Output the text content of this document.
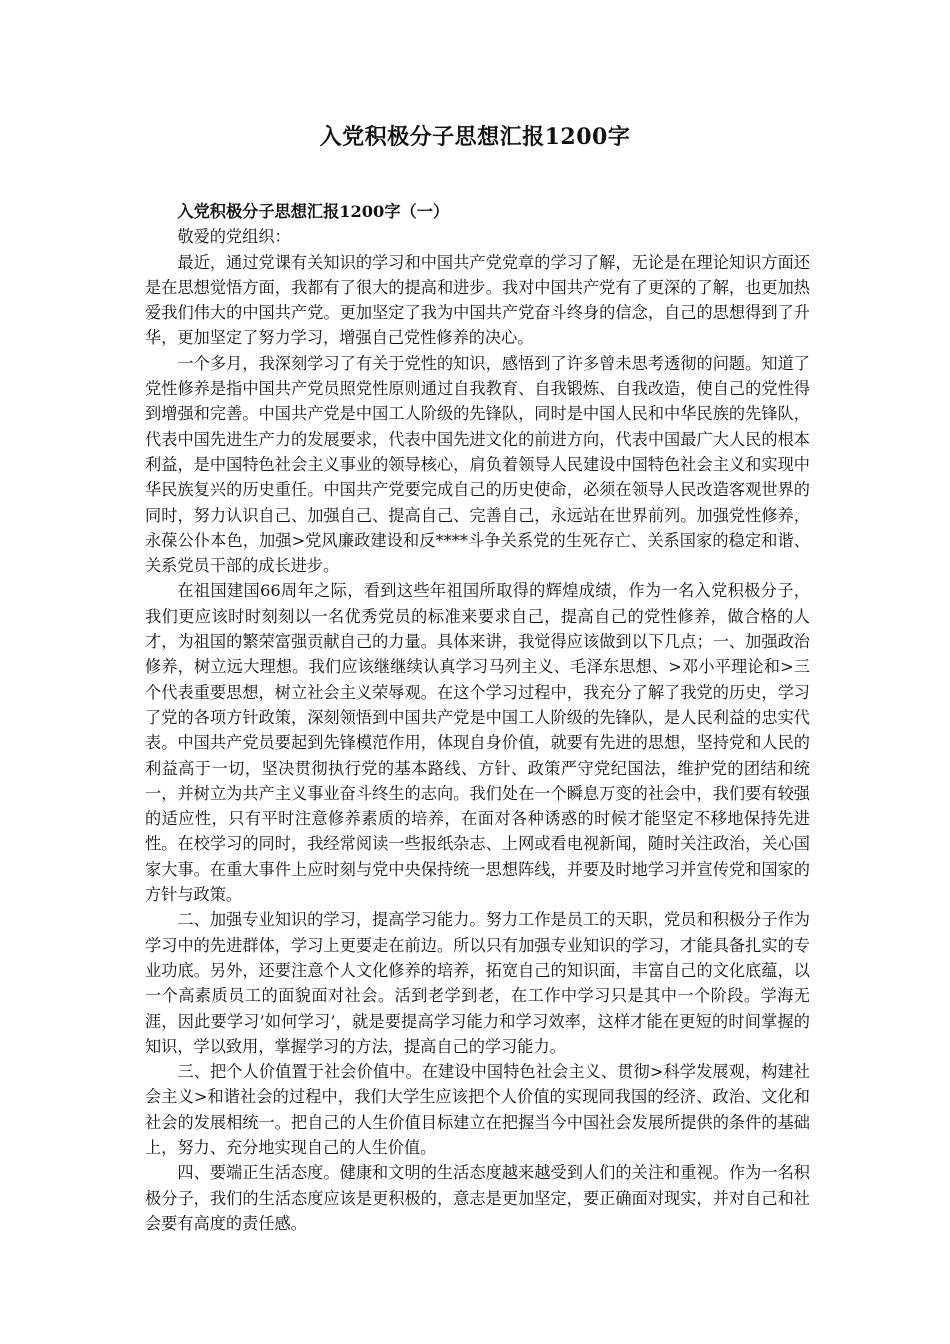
入党积极分子思想汇报1200字

入党积极分子思想汇报1200字（一）

敬爱的党组织：

最近，通过党课有关知识的学习和中国共产党党章的学习了解，无论是在理论知识方面还是在思想觉悟方面，我都有了很大的提高和进步。我对中国共产党有了更深的了解，也更加热爱我们伟大的中国共产党。更加坚定了我为中国共产党奋斗终身的信念，自己的思想得到了升华，更加坚定了努力学习，增强自己党性修养的决心。

一个多月，我深刻学习了有关于党性的知识，感悟到了许多曾未思考透彻的问题。知道了党性修养是指中国共产党员照党性原则通过自我教育、自我锻炼、自我改造，使自己的党性得到增强和完善。中国共产党是中国工人阶级的先锋队，同时是中国人民和中华民族的先锋队，代表中国先进生产力的发展要求，代表中国先进文化的前进方向，代表中国最广大人民的根本利益，是中国特色社会主义事业的领导核心，肩负着领导人民建设中国特色社会主义和实现中华民族复兴的历史重任。中国共产党要完成自己的历史使命，必须在领导人民改造客观世界的同时，努力认识自己、加强自己、提高自己、完善自己，永远站在世界前列。加强党性修养，永葆公仆本色，加强>党风廉政建设和反****斗争关系党的生死存亡、关系国家的稳定和谐、关系党员干部的成长进步。

在祖国建国66周年之际，看到这些年祖国所取得的辉煌成绩，作为一名入党积极分子，我们更应该时时刻刻以一名优秀党员的标准来要求自己，提高自己的党性修养，做合格的人才，为祖国的繁荣富强贡献自己的力量。具体来讲，我觉得应该做到以下几点；一、加强政治修养，树立远大理想。我们应该继继续认真学习马列主义、毛泽东思想、>邓小平理论和>三个代表重要思想，树立社会主义荣辱观。在这个学习过程中，我充分了解了我党的历史，学习了党的各项方针政策，深刻领悟到中国共产党是中国工人阶级的先锋队，是人民利益的忠实代表。中国共产党员要起到先锋模范作用，体现自身价值，就要有先进的思想，坚持党和人民的利益高于一切，坚决贯彻执行党的基本路线、方针、政策严守党纪国法，维护党的团结和统一，并树立为共产主义事业奋斗终生的志向。我们处在一个瞬息万变的社会中，我们要有较强的适应性，只有平时注意修养素质的培养，在面对各种诱惑的时候才能坚定不移地保持先进性。在校学习的同时，我经常阅读一些报纸杂志、上网或看电视新闻，随时关注政治，关心国家大事。在重大事件上应时刻与党中央保持统一思想阵线，并要及时地学习并宣传党和国家的方针与政策。

二、加强专业知识的学习，提高学习能力。努力工作是员工的天职，党员和积极分子作为学习中的先进群体，学习上更要走在前边。所以只有加强专业知识的学习，才能具备扎实的专业功底。另外，还要注意个人文化修养的培养，拓宽自己的知识面，丰富自己的文化底蕴，以一个高素质员工的面貌面对社会。活到老学到老，在工作中学习只是其中一个阶段。学海无涯，因此要学习’如何学习’，就是要提高学习能力和学习效率，这样才能在更短的时间掌握的知识，学以致用，掌握学习的方法，提高自己的学习能力。

三、把个人价值置于社会价值中。在建设中国特色社会主义、贯彻>科学发展观，构建社会主义>和谐社会的过程中，我们大学生应该把个人价值的实现同我国的经济、政治、文化和社会的发展相统一。把自己的人生价值目标建立在把握当今中国社会发展所提供的条件的基础上，努力、充分地实现自己的人生价值。

四、要端正生活态度。健康和文明的生活态度越来越受到人们的关注和重视。作为一名积极分子，我们的生活态度应该是更积极的，意志是更加坚定，要正确面对现实，并对自己和社会要有高度的责任感。
